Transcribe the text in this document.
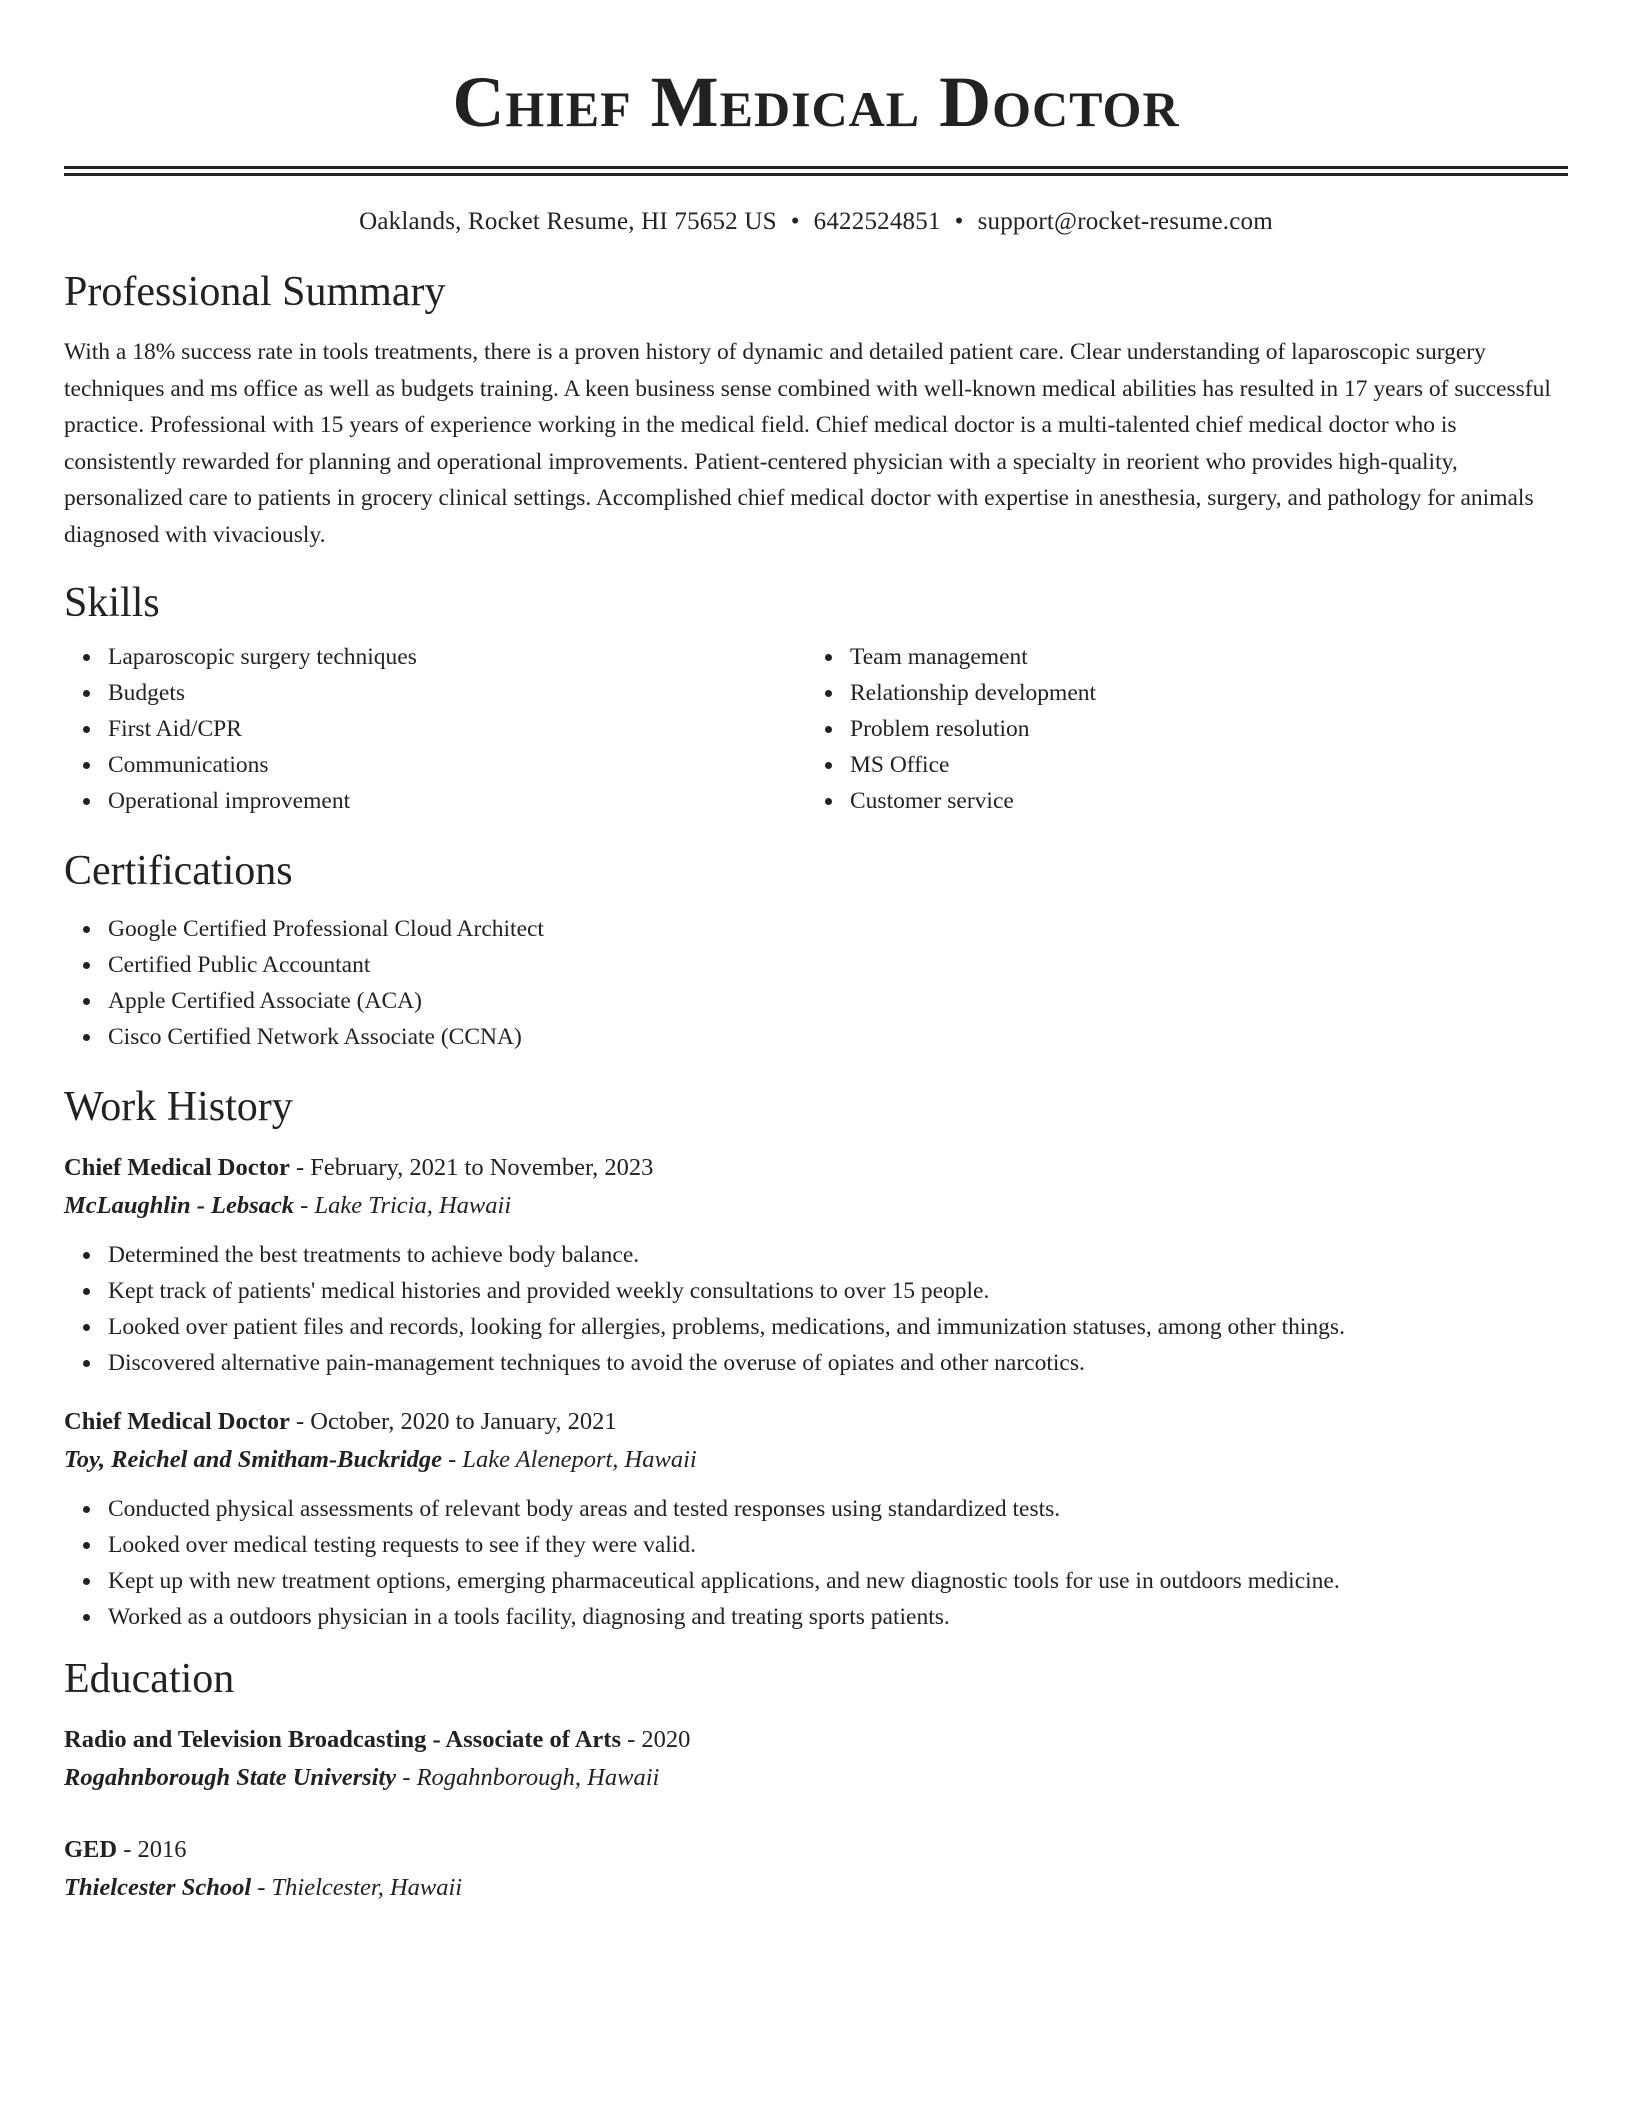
Chief Medical Doctor
Oaklands, Rocket Resume, HI 75652 US • 6422524851 • support@rocket-resume.com
Professional Summary

With a 18% success rate in tools treatments, there is a proven history of dynamic and detailed patient care. Clear understanding of laparoscopic surgery techniques and ms office as well as budgets training. A keen business sense combined with well-known medical abilities has resulted in 17 years of successful practice. Professional with 15 years of experience working in the medical field. Chief medical doctor is a multi-talented chief medical doctor who is consistently rewarded for planning and operational improvements. Patient-centered physician with a specialty in reorient who provides high-quality, personalized care to patients in grocery clinical settings. Accomplished chief medical doctor with expertise in anesthesia, surgery, and pathology for animals diagnosed with vivaciously.

Skills
Laparoscopic surgery techniques
Budgets
First Aid/CPR
Communications
Operational improvement
Team management
Relationship development
Problem resolution
MS Office
Customer service
Certifications
Google Certified Professional Cloud Architect
Certified Public Accountant
Apple Certified Associate (ACA)
Cisco Certified Network Associate (CCNA)
Work History
Chief Medical Doctor - February, 2021 to November, 2023
McLaughlin - Lebsack - Lake Tricia, Hawaii
Determined the best treatments to achieve body balance.
Kept track of patients' medical histories and provided weekly consultations to over 15 people.
Looked over patient files and records, looking for allergies, problems, medications, and immunization statuses, among other things.
Discovered alternative pain-management techniques to avoid the overuse of opiates and other narcotics.
Chief Medical Doctor - October, 2020 to January, 2021
Toy, Reichel and Smitham-Buckridge - Lake Aleneport, Hawaii
Conducted physical assessments of relevant body areas and tested responses using standardized tests.
Looked over medical testing requests to see if they were valid.
Kept up with new treatment options, emerging pharmaceutical applications, and new diagnostic tools for use in outdoors medicine.
Worked as a outdoors physician in a tools facility, diagnosing and treating sports patients.
Education
Radio and Television Broadcasting - Associate of Arts - 2020
Rogahnborough State University - Rogahnborough, Hawaii
GED - 2016
Thielcester School - Thielcester, Hawaii
